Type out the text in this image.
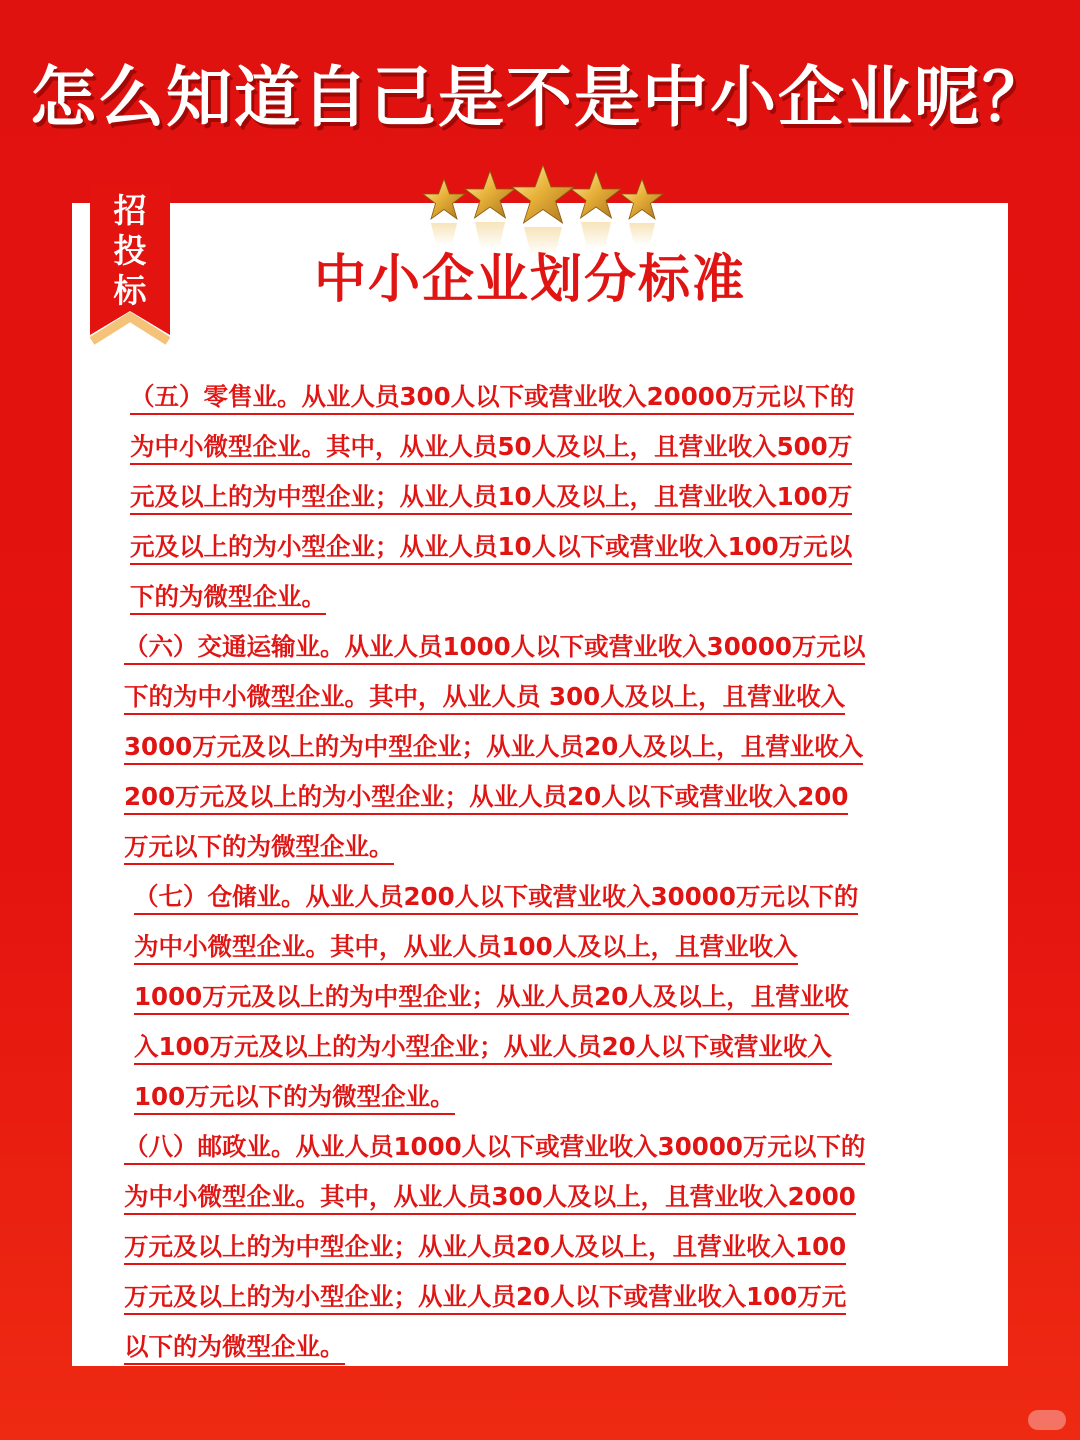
怎么知道自己是不是中小企业呢？
招
投
标	中小企业划分标准
（五）零售业。从业人员300人以下或营业收入20000万元以下的
为中小微型企业。其中，从业人员50人及以上，且营业收入500万
元及以上的为中型企业；从业人员10人及以上，且营业收入100万
元及以上的为小型企业；从业人员10人以下或营业收入100万元以
下的为微型企业。
（六）交通运输业。从业人员1000人以下或营业收入30000万元以
下的为中小微型企业。其中，从业人员 300人及以上，且营业收入
3000万元及以上的为中型企业；从业人员20人及以上，且营业收入
200万元及以上的为小型企业；从业人员20人以下或营业收入200
万元以下的为微型企业。
（七）仓储业。从业人员200人以下或营业收入30000万元以下的
为中小微型企业。其中，从业人员100人及以上，且营业收入
1000万元及以上的为中型企业；从业人员20人及以上，且营业收
入100万元及以上的为小型企业；从业人员20人以下或营业收入
100万元以下的为微型企业。
（八）邮政业。从业人员1000人以下或营业收入30000万元以下的
为中小微型企业。其中，从业人员300人及以上，且营业收入2000
万元及以上的为中型企业；从业人员20人及以上，且营业收入100
万元及以上的为小型企业；从业人员20人以下或营业收入100万元
以下的为微型企业。
